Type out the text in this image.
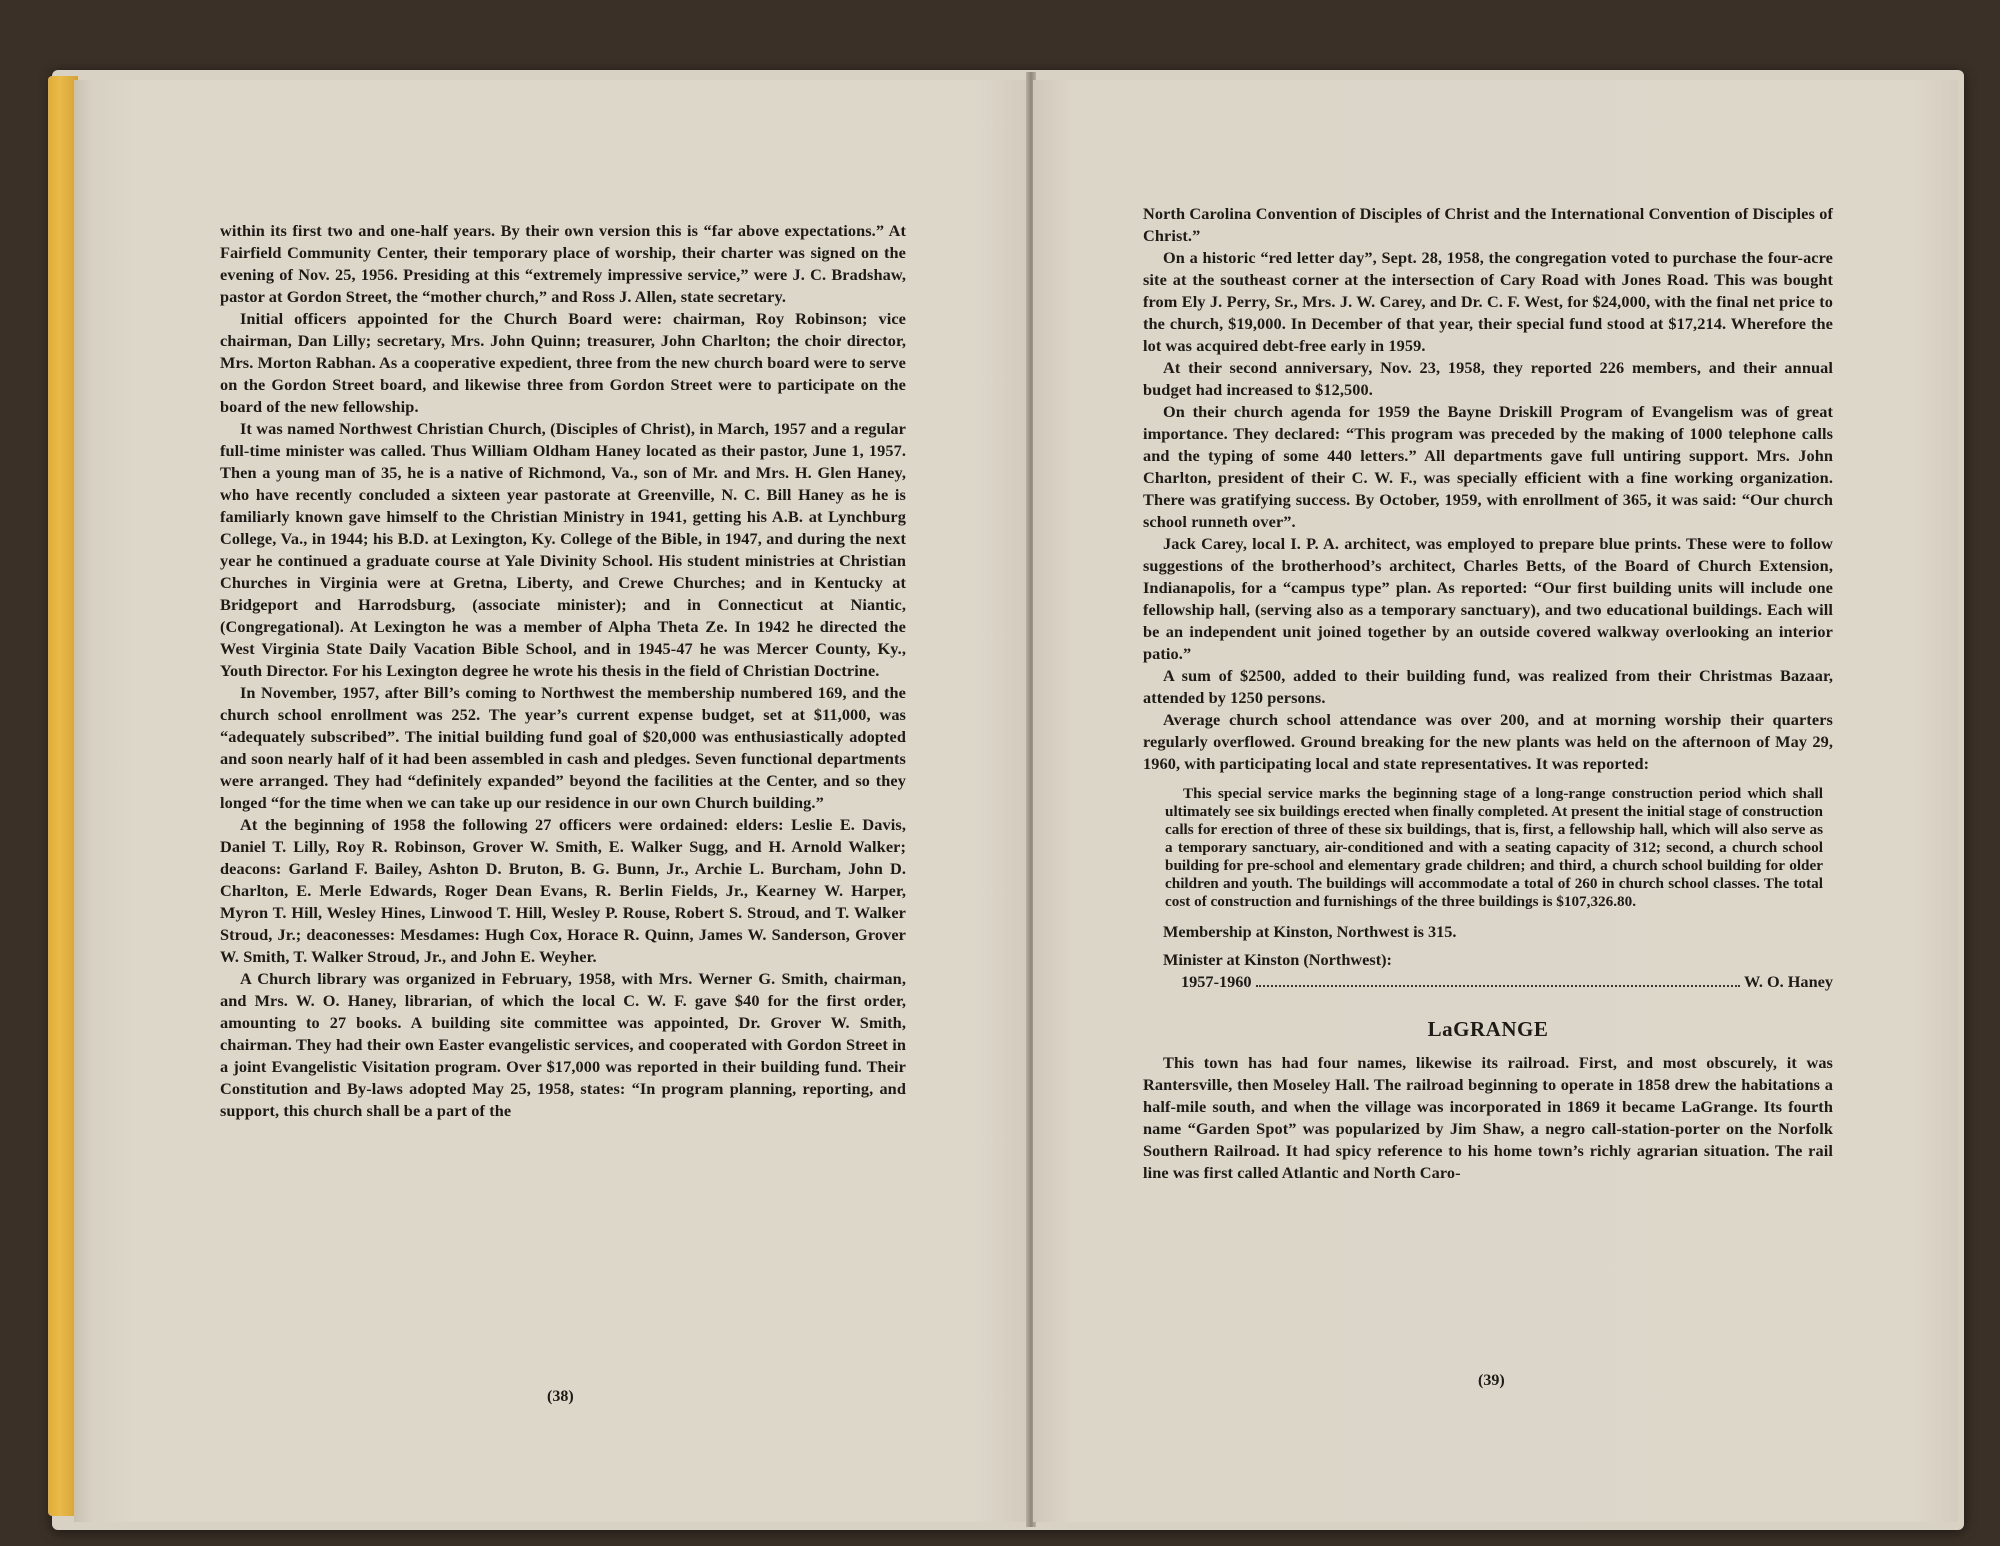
within its first two and one-half years. By their own version this is “far above expectations.” At Fairfield Community Center, their temporary place of worship, their charter was signed on the evening of Nov. 25, 1956. Presiding at this “extremely impressive service,” were J. C. Bradshaw, pastor at Gordon Street, the “mother church,” and Ross J. Allen, state secretary.

Initial officers appointed for the Church Board were: chairman, Roy Robinson; vice chairman, Dan Lilly; secretary, Mrs. John Quinn; treasurer, John Charlton; the choir director, Mrs. Morton Rabhan. As a cooperative expedient, three from the new church board were to serve on the Gordon Street board, and likewise three from Gordon Street were to participate on the board of the new fellowship.

It was named Northwest Christian Church, (Disciples of Christ), in March, 1957 and a regular full-time minister was called. Thus William Oldham Haney located as their pastor, June 1, 1957. Then a young man of 35, he is a native of Richmond, Va., son of Mr. and Mrs. H. Glen Haney, who have recently concluded a sixteen year pastorate at Greenville, N. C. Bill Haney as he is familiarly known gave himself to the Christian Ministry in 1941, getting his A.B. at Lynchburg College, Va., in 1944; his B.D. at Lexington, Ky. College of the Bible, in 1947, and during the next year he continued a graduate course at Yale Divinity School. His student ministries at Christian Churches in Virginia were at Gretna, Liberty, and Crewe Churches; and in Kentucky at Bridgeport and Harrodsburg, (associate minister); and in Connecticut at Niantic, (Congregational). At Lexington he was a member of Alpha Theta Ze. In 1942 he directed the West Virginia State Daily Vacation Bible School, and in 1945-47 he was Mercer County, Ky., Youth Director. For his Lexington degree he wrote his thesis in the field of Christian Doctrine.

In November, 1957, after Bill’s coming to Northwest the membership numbered 169, and the church school enrollment was 252. The year’s current expense budget, set at $11,000, was “adequately subscribed”. The initial building fund goal of $20,000 was enthusiastically adopted and soon nearly half of it had been assembled in cash and pledges. Seven functional departments were arranged. They had “definitely expanded” beyond the facilities at the Center, and so they longed “for the time when we can take up our residence in our own Church building.”

At the beginning of 1958 the following 27 officers were ordained: elders: Leslie E. Davis, Daniel T. Lilly, Roy R. Robinson, Grover W. Smith, E. Walker Sugg, and H. Arnold Walker; deacons: Garland F. Bailey, Ashton D. Bruton, B. G. Bunn, Jr., Archie L. Burcham, John D. Charlton, E. Merle Edwards, Roger Dean Evans, R. Berlin Fields, Jr., Kearney W. Harper, Myron T. Hill, Wesley Hines, Linwood T. Hill, Wesley P. Rouse, Robert S. Stroud, and T. Walker Stroud, Jr.; deaconesses: Mesdames: Hugh Cox, Horace R. Quinn, James W. Sanderson, Grover W. Smith, T. Walker Stroud, Jr., and John E. Weyher.

A Church library was organized in February, 1958, with Mrs. Werner G. Smith, chairman, and Mrs. W. O. Haney, librarian, of which the local C. W. F. gave $40 for the first order, amounting to 27 books. A building site committee was appointed, Dr. Grover W. Smith, chairman. They had their own Easter evangelistic services, and cooperated with Gordon Street in a joint Evangelistic Visitation program. Over $17,000 was reported in their building fund. Their Constitution and By-laws adopted May 25, 1958, states: “In program planning, reporting, and support, this church shall be a part of the

(38)

North Carolina Convention of Disciples of Christ and the International Convention of Disciples of Christ.”

On a historic “red letter day”, Sept. 28, 1958, the congregation voted to purchase the four-acre site at the southeast corner at the intersection of Cary Road with Jones Road. This was bought from Ely J. Perry, Sr., Mrs. J. W. Carey, and Dr. C. F. West, for $24,000, with the final net price to the church, $19,000. In December of that year, their special fund stood at $17,214. Wherefore the lot was acquired debt-free early in 1959.

At their second anniversary, Nov. 23, 1958, they reported 226 members, and their annual budget had increased to $12,500.

On their church agenda for 1959 the Bayne Driskill Program of Evangelism was of great importance. They declared: “This program was preceded by the making of 1000 telephone calls and the typing of some 440 letters.” All departments gave full untiring support. Mrs. John Charlton, president of their C. W. F., was specially efficient with a fine working organization. There was gratifying success. By October, 1959, with enrollment of 365, it was said: “Our church school runneth over”.

Jack Carey, local I. P. A. architect, was employed to prepare blue prints. These were to follow suggestions of the brotherhood’s architect, Charles Betts, of the Board of Church Extension, Indianapolis, for a “campus type” plan. As reported: “Our first building units will include one fellowship hall, (serving also as a temporary sanctuary), and two educational buildings. Each will be an independent unit joined together by an outside covered walkway overlooking an interior patio.”

A sum of $2500, added to their building fund, was realized from their Christmas Bazaar, attended by 1250 persons.

Average church school attendance was over 200, and at morning worship their quarters regularly overflowed. Ground breaking for the new plants was held on the afternoon of May 29, 1960, with participating local and state representatives. It was reported:

This special service marks the beginning stage of a long-range construction period which shall ultimately see six buildings erected when finally completed. At present the initial stage of construction calls for erection of three of these six buildings, that is, first, a fellowship hall, which will also serve as a temporary sanctuary, air-conditioned and with a seating capacity of 312; second, a church school building for pre-school and elementary grade children; and third, a church school building for older children and youth. The buildings will accommodate a total of 260 in church school classes. The total cost of construction and furnishings of the three buildings is $107,326.80.

Membership at Kinston, Northwest is 315.

Minister at Kinston (Northwest):

1957-1960	W. O. Haney
LaGRANGE

This town has had four names, likewise its railroad. First, and most obscurely, it was Rantersville, then Moseley Hall. The railroad beginning to operate in 1858 drew the habitations a half-mile south, and when the village was incorporated in 1869 it became LaGrange. Its fourth name “Garden Spot” was popularized by Jim Shaw, a negro call-station-porter on the Norfolk Southern Railroad. It had spicy reference to his home town’s richly agrarian situation. The rail line was first called Atlantic and North Caro-

(39)
